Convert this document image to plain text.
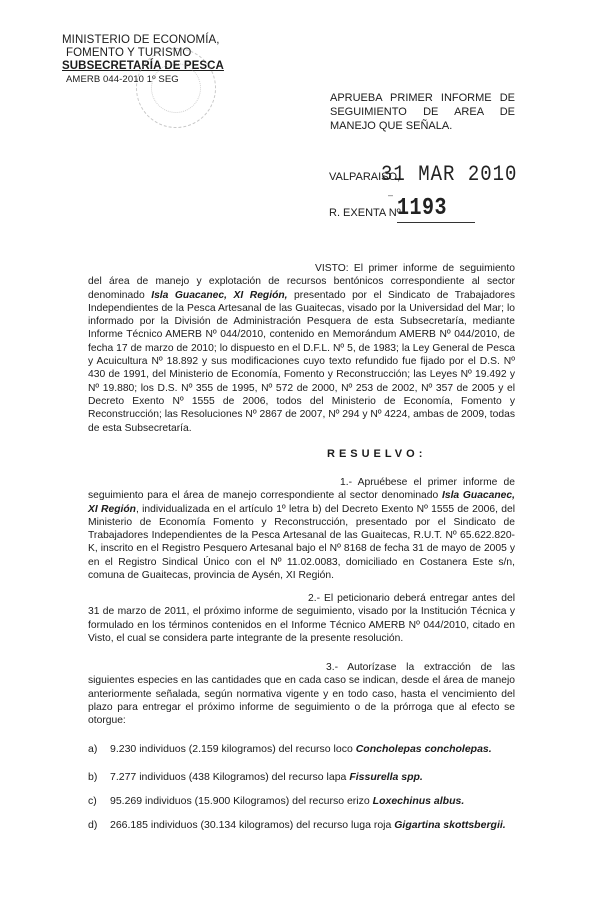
MINISTERIO DE ECONOMÍA,
FOMENTO Y TURISMO
SUBSECRETARÍA DE PESCA
AMERB 044-2010 1º SEG
APRUEBA PRIMER INFORME DE SEGUIMIENTO DE AREA DE MANEJO QUE SEÑALA.
VALPARAISO,
31 MAR 2010
–
R. EXENTA Nº
1193
VISTO: El primer informe de seguimiento del área de manejo y explotación de recursos bentónicos correspondiente al sector denominado Isla Guacanec, XI Región, presentado por el Sindicato de Trabajadores Independientes de la Pesca Artesanal de las Guaitecas, visado por la Universidad del Mar; lo informado por la División de Administración Pesquera de esta Subsecretaría, mediante Informe Técnico AMERB Nº 044/2010, contenido en Memorándum AMERB Nº 044/2010, de fecha 17 de marzo de 2010; lo dispuesto en el D.F.L. Nº 5, de 1983; la Ley General de Pesca y Acuicultura Nº 18.892 y sus modificaciones cuyo texto refundido fue fijado por el D.S. Nº 430 de 1991, del Ministerio de Economía, Fomento y Reconstrucción; las Leyes Nº 19.492 y Nº 19.880; los D.S. Nº 355 de 1995, Nº 572 de 2000, Nº 253 de 2002, Nº 357 de 2005 y el Decreto Exento Nº 1555 de 2006, todos del Ministerio de Economía, Fomento y Reconstrucción; las Resoluciones Nº 2867 de 2007, Nº 294 y Nº 4224, ambas de 2009, todas de esta Subsecretaría.
RESUELVO:
1.- Apruébese el primer informe de seguimiento para el área de manejo correspondiente al sector denominado Isla Guacanec, XI Región, individualizada en el artículo 1º letra b) del Decreto Exento Nº 1555 de 2006, del Ministerio de Economía Fomento y Reconstrucción, presentado por el Sindicato de Trabajadores Independientes de la Pesca Artesanal de las Guaitecas, R.U.T. Nº 65.622.820-K, inscrito en el Registro Pesquero Artesanal bajo el Nº 8168 de fecha 31 de mayo de 2005 y en el Registro Sindical Único con el Nº 11.02.0083, domiciliado en Costanera Este s/n, comuna de Guaitecas, provincia de Aysén, XI Región.
2.- El peticionario deberá entregar antes del 31 de marzo de 2011, el próximo informe de seguimiento, visado por la Institución Técnica y formulado en los términos contenidos en el Informe Técnico AMERB Nº 044/2010, citado en Visto, el cual se considera parte integrante de la presente resolución.
3.- Autorízase la extracción de las siguientes especies en las cantidades que en cada caso se indican, desde el área de manejo anteriormente señalada, según normativa vigente y en todo caso, hasta el vencimiento del plazo para entregar el próximo informe de seguimiento o de la prórroga que al efecto se otorgue:
a) 9.230 individuos (2.159 kilogramos) del recurso loco Concholepas concholepas.
b) 7.277 individuos (438 Kilogramos) del recurso lapa Fissurella spp.
c) 95.269 individuos (15.900 Kilogramos) del recurso erizo Loxechinus albus.
d) 266.185 individuos (30.134 kilogramos) del recurso luga roja Gigartina skottsbergii.
